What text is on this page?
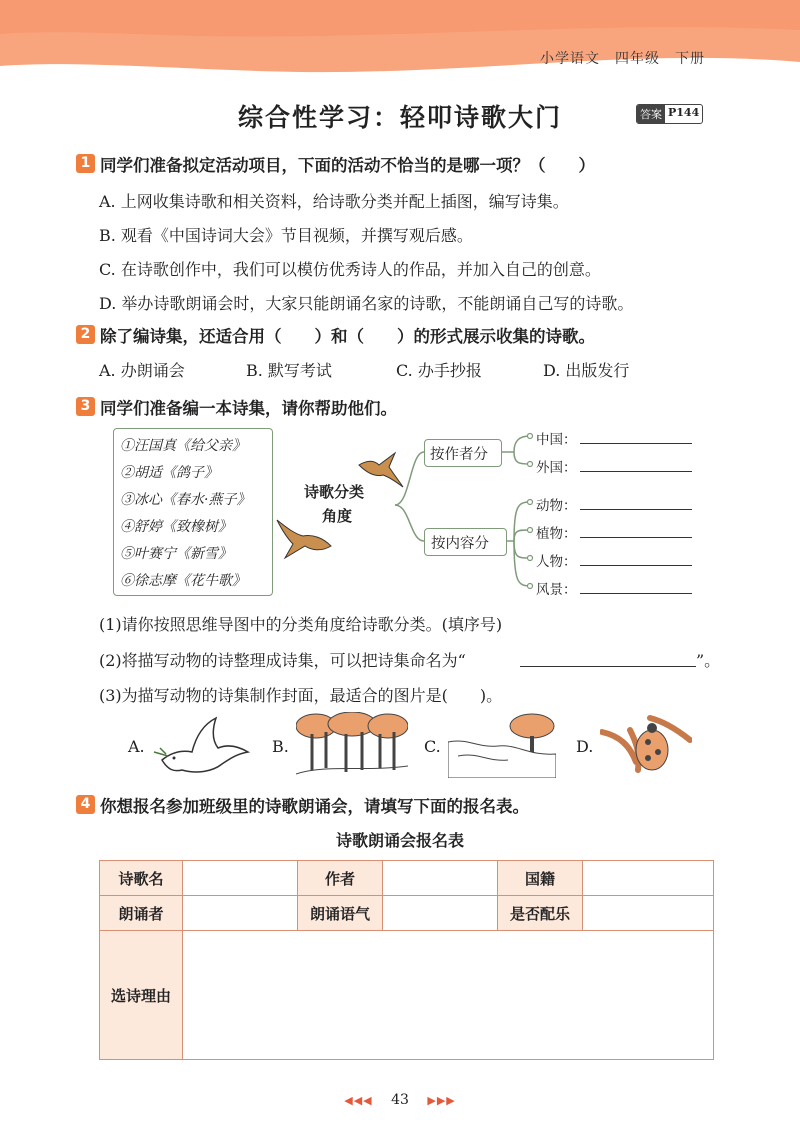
小学语文　四年级　下册
综合性学习：轻叩诗歌大门	答案 P144
1 同学们准备拟定活动项目，下面的活动不恰当的是哪一项？（　　）
A. 上网收集诗歌和相关资料，给诗歌分类并配上插图，编写诗集。
B. 观看《中国诗词大会》节目视频，并撰写观后感。
C. 在诗歌创作中，我们可以模仿优秀诗人的作品，并加入自己的创意。
D. 举办诗歌朗诵会时，大家只能朗诵名家的诗歌，不能朗诵自己写的诗歌。
2 除了编诗集，还适合用（　　）和（　　）的形式展示收集的诗歌。
A. 办朗诵会	B. 默写考试	C. 办手抄报	D. 出版发行
3 同学们准备编一本诗集，请你帮助他们。
①汪国真《给父亲》
②胡适《鸽子》
③冰心《春水·燕子》
④舒婷《致橡树》
⑤叶赛宁《新雪》
⑥徐志摩《花牛歌》
诗歌分类
角度
按作者分
按内容分
中国：
外国：
动物：
植物：
人物：
风景：
(1)请你按照思维导图中的分类角度给诗歌分类。(填序号)
(2)将描写动物的诗整理成诗集，可以把诗集命名为“	”。
(3)为描写动物的诗集制作封面，最适合的图片是(　　)。
A.	B.	C.	D.
4 你想报名参加班级里的诗歌朗诵会，请填写下面的报名表。
诗歌朗诵会报名表
诗歌名		作者		国籍	
朗诵者		朗诵语气		是否配乐	
选诗理由					
◀◀◀ 43 ▶▶▶
